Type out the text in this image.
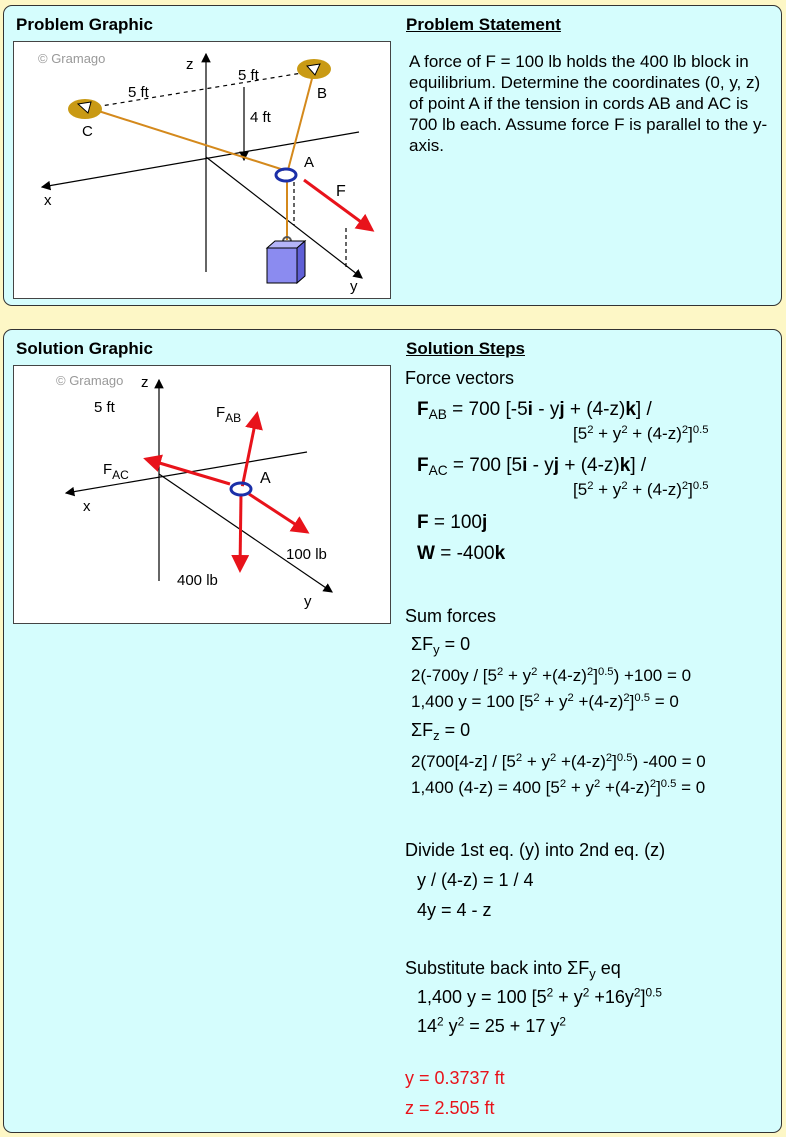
Problem Graphic	Problem Statement
© Gramago	z
x
y
5 ft
5 ft
4 ft
C
B
A
F

A force of F = 100 lb holds the 400 lb block in equilibrium. Determine the coordinates (0, y, z) of point A if the tension in cords AB and AC is 700 lb each. Assume force F is parallel to the y-axis.

Solution Graphic	Solution Steps
© Gramago z
x
y
5 ft
A
$F_{AB}$
$F_{AC}$
100 lb
400 lb
Force vectors
$F_{AB} = 700$ [-5i - yj + (4-z)k] /
$[5^2 + y^2 + (4-z)^2]^{0.5}$
$F_{AC} = 700$ [5i - yj + (4-z)k] /
$[5^2 + y^2 + (4-z)^2]^{0.5}$
F = 100j
W = -400k
Sum forces
$\Sigma F_y = 0$
$2(-700y / [5^2 + y^2 +(4-z)^2]^{0.5}) +100 = 0$
1,400 y = 100 $[5^2 + y^2 +(4-z)^2]^{0.5} = 0$
$\Sigma F_z = 0$
$2(700[4-z] / [5^2 + y^2 +(4-z)^2]^{0.5})$ -400 = 0
1,400 (4-z) = 400 $[5^2 + y^2 +(4-z)^2]^{0.5} = 0$
Divide 1st eq. (y) into 2nd eq. (z)
y / (4-z) = 1 / 4
4y = 4 - z
Substitute back into $\Sigma F_y$ eq
1,400 y = 100 $[5^2 + y^2 +16y^2]^{0.5}$
$14^2$ $y^2 = 25 + 17$ $y^2$
y = 0.3737 ft
z = 2.505 ft
